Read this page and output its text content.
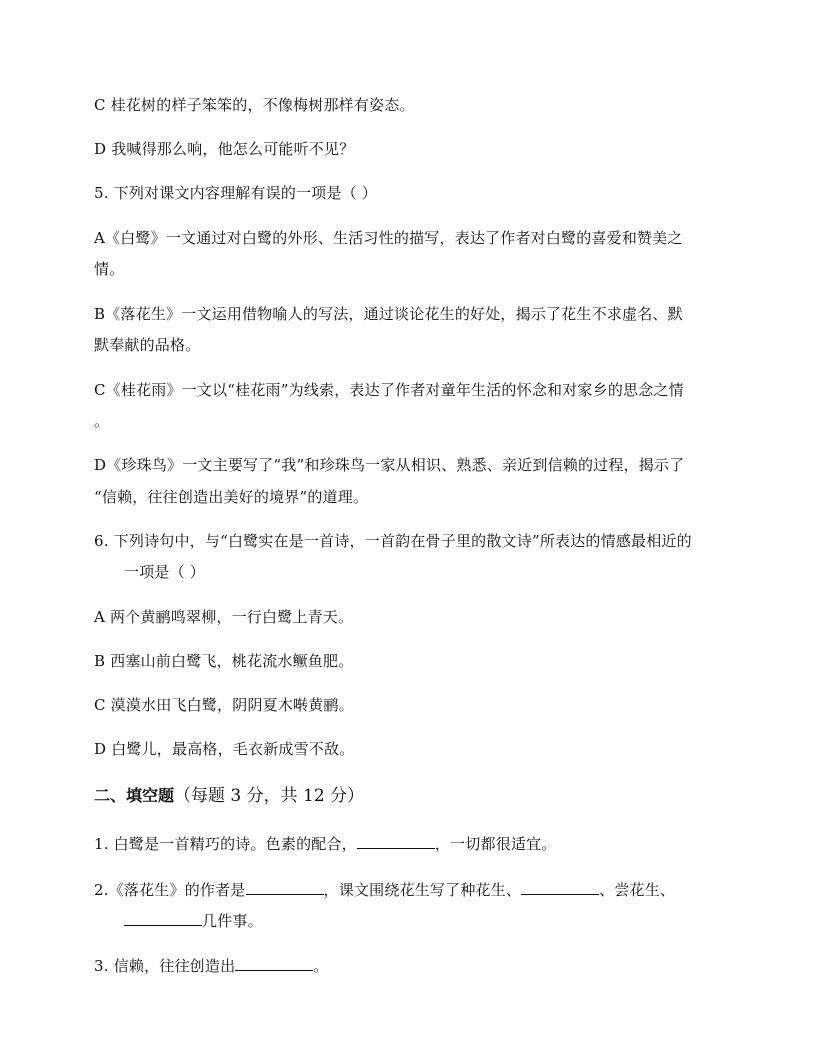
C 桂花树的样子笨笨的，不像梅树那样有姿态。
D 我喊得那么响，他怎么可能听不见？
5. 下列对课文内容理解有误的一项是（ ）
A《白鹭》一文通过对白鹭的外形、生活习性的描写，表达了作者对白鹭的喜爱和赞美之
情。
B《落花生》一文运用借物喻人的写法，通过谈论花生的好处，揭示了花生不求虚名、默
默奉献的品格。
C《桂花雨》一文以“桂花雨”为线索，表达了作者对童年生活的怀念和对家乡的思念之情
。
D《珍珠鸟》一文主要写了“我”和珍珠鸟一家从相识、熟悉、亲近到信赖的过程，揭示了
“信赖，往往创造出美好的境界”的道理。
6. 下列诗句中，与“白鹭实在是一首诗，一首韵在骨子里的散文诗”所表达的情感最相近的
一项是（ ）
A 两个黄鹂鸣翠柳，一行白鹭上青天。
B 西塞山前白鹭飞，桃花流水鳜鱼肥。
C 漠漠水田飞白鹭，阴阴夏木啭黄鹂。
D 白鹭儿，最高格，毛衣新成雪不敌。
二、填空题（每题 3 分，共 12 分）
1. 白鹭是一首精巧的诗。色素的配合，	，一切都很适宜。
2.《落花生》的作者是	，课文围绕花生写了种花生、	、尝花生、
几件事。
3. 信赖，往往创造出	。
